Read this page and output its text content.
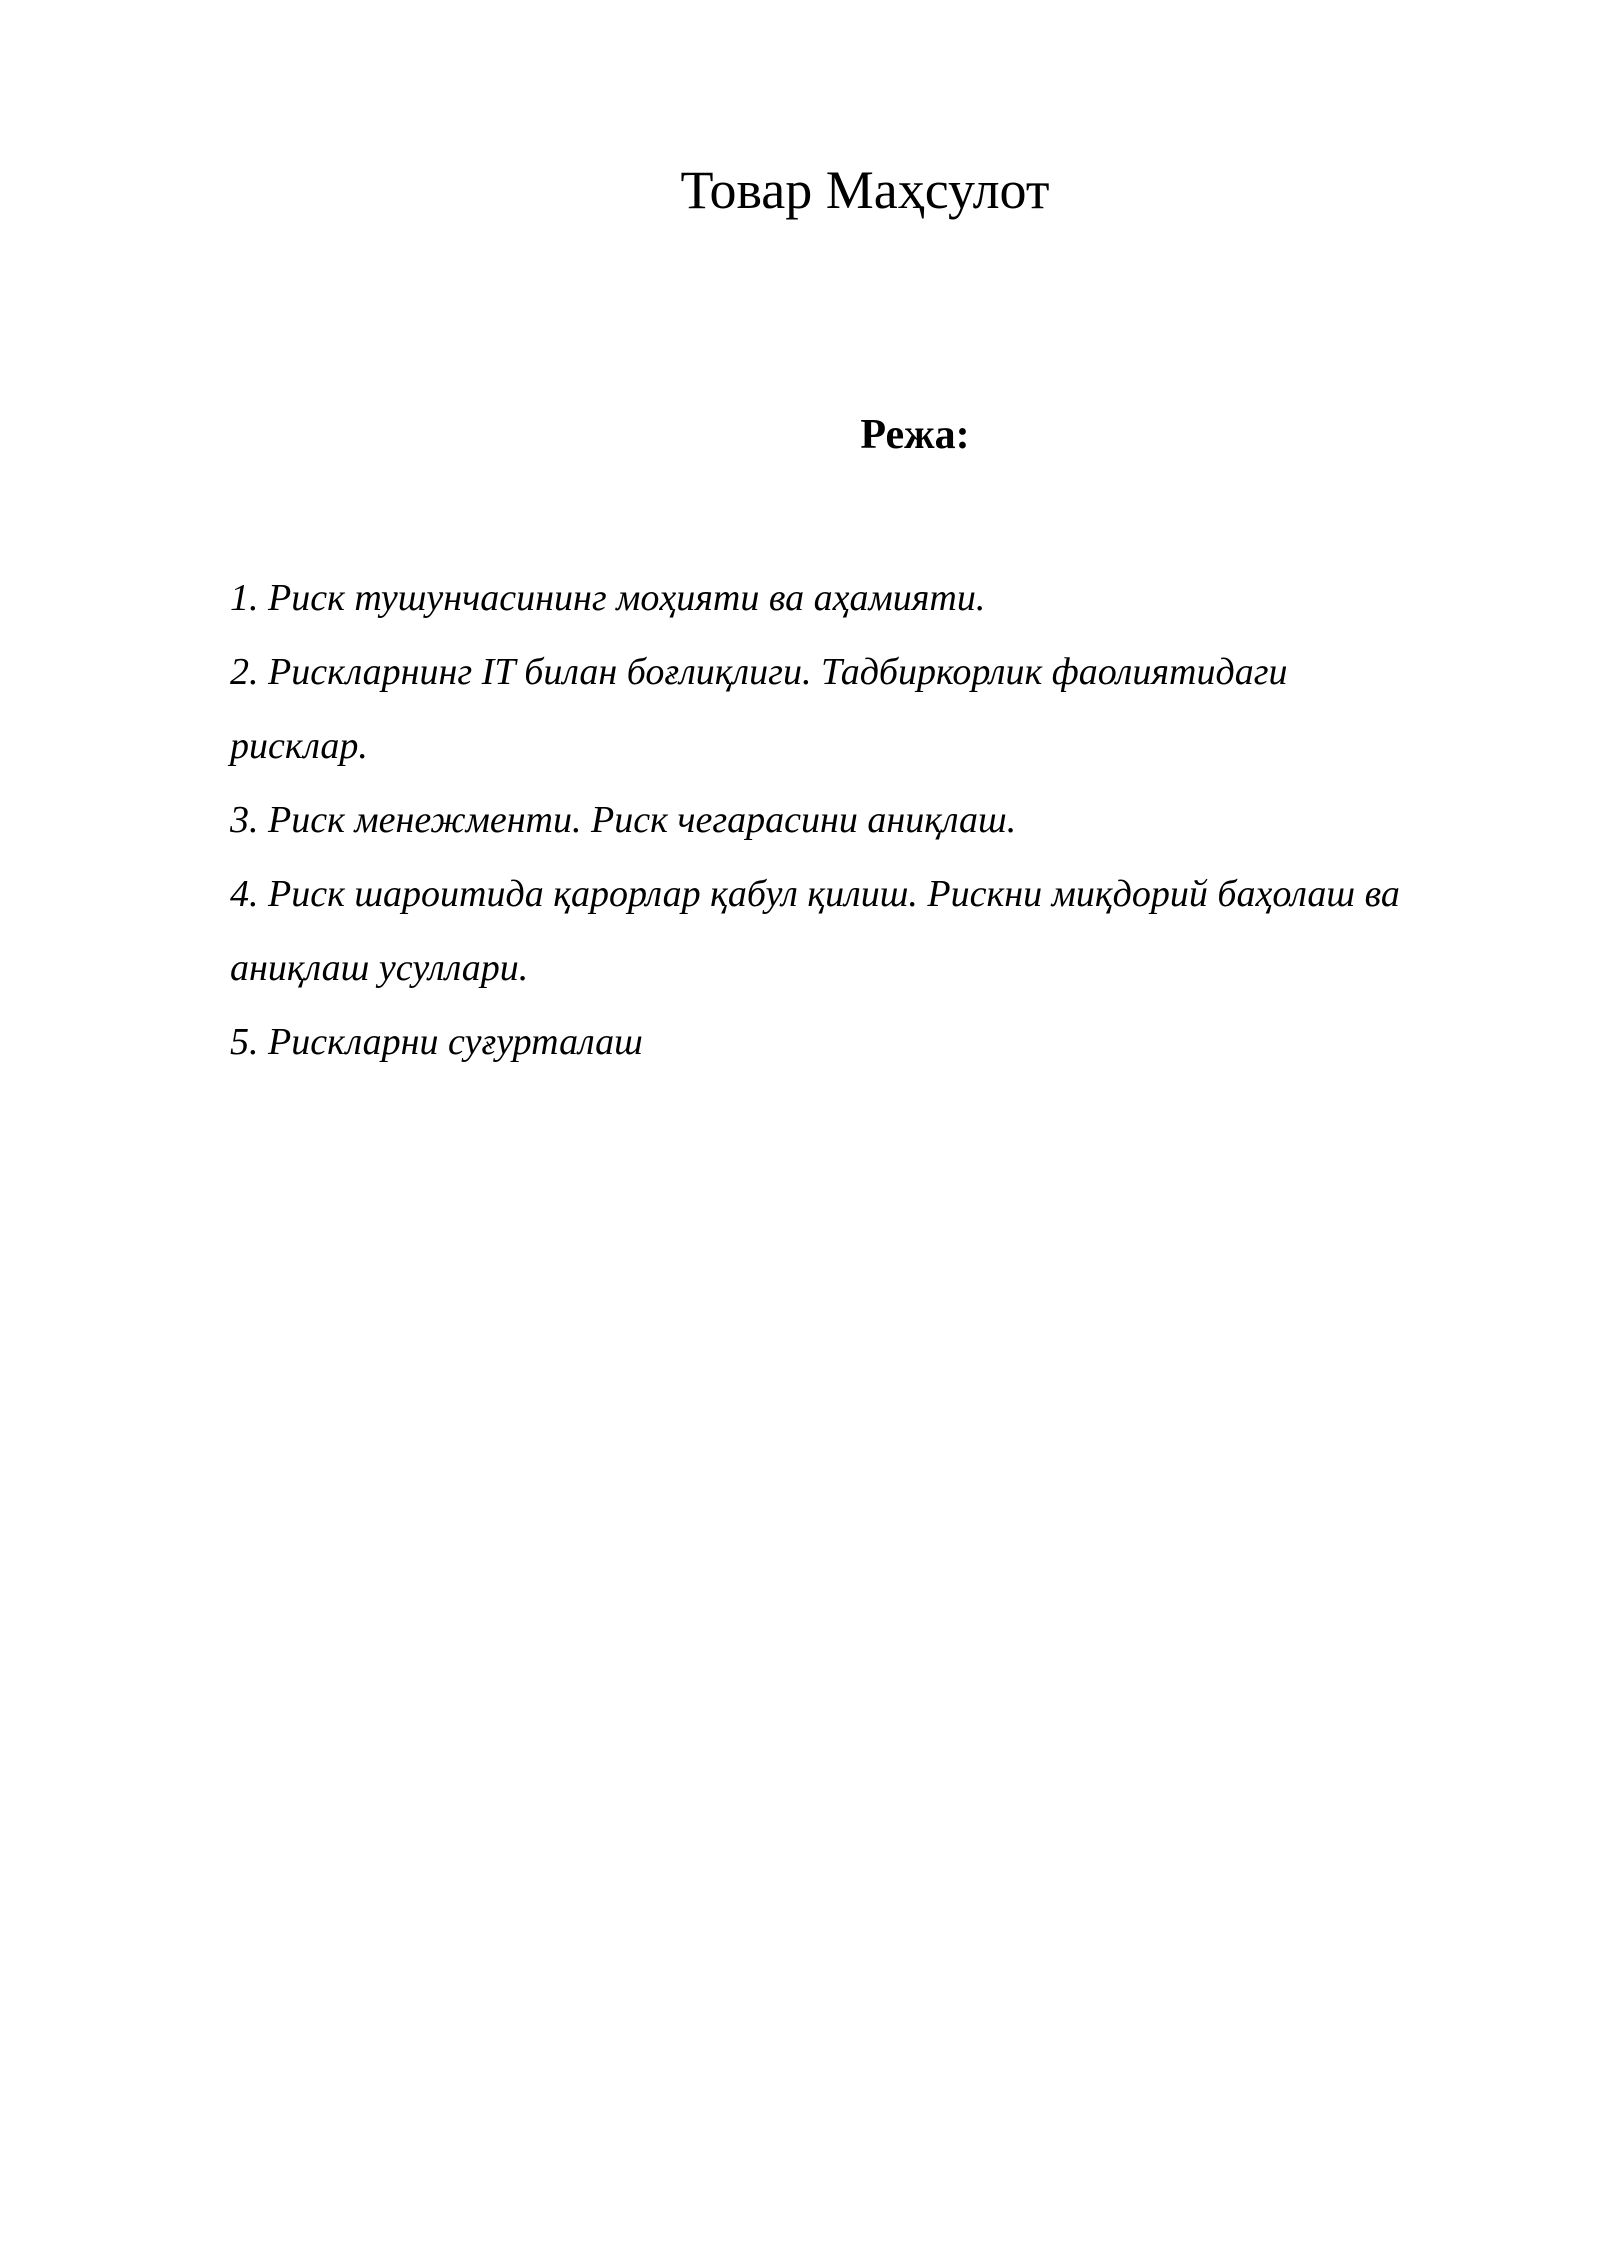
Товар Маҳсулот
Режа:
1. Риск тушунчасининг моҳияти ва аҳамияти.
2. Рискларнинг IT билан боғлиқлиги. Тадбиркорлик фаолиятидаги рисклар.
3. Риск менежменти. Риск чегарасини аниқлаш.
4. Риск шароитида қарорлар қабул қилиш. Рискни миқдорий баҳолаш ва аниқлаш усуллари.
5. Рискларни суғурталаш
